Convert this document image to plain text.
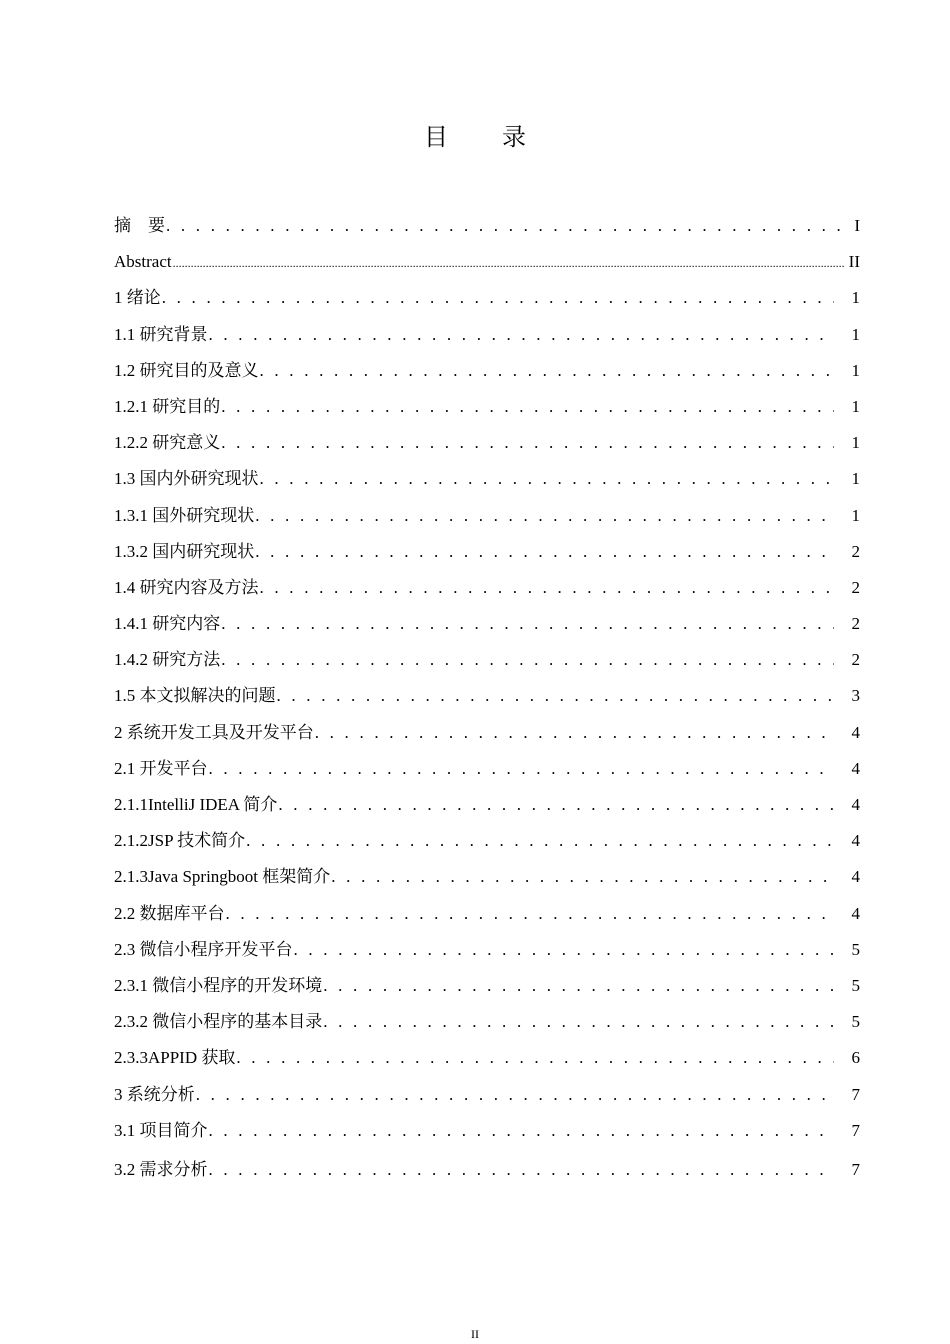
目 录
摘　要 . . .	I
Abstract .....	II
1 绪论 . . .	1
1.1 研究背景 . . .	1
1.2 研究目的及意义 . . .	1
1.2.1 研究目的 . . .	1
1.2.2 研究意义 . . .	1
1.3 国内外研究现状 . . .	1
1.3.1 国外研究现状 . . .	1
1.3.2 国内研究现状 . . .	2
1.4 研究内容及方法 . . .	2
1.4.1 研究内容 . . .	2
1.4.2 研究方法 . . .	2
1.5 本文拟解决的问题 . . .	3
2 系统开发工具及开发平台 . . .	4
2.1 开发平台 . . .	4
2.1.1IntelliJ IDEA 简介 . . .	4
2.1.2JSP 技术简介 . . .	4
2.1.3Java Springboot 框架简介 . . .	4
2.2 数据库平台 . . .	4
2.3 微信小程序开发平台 . . .	5
2.3.1 微信小程序的开发环境 . . .	5
2.3.2 微信小程序的基本目录 . . .	5
2.3.3APPID 获取 . . .	6
3 系统分析 . . .	7
3.1 项目简介 . . .	7
3.2 需求分析 . . .	7
II
